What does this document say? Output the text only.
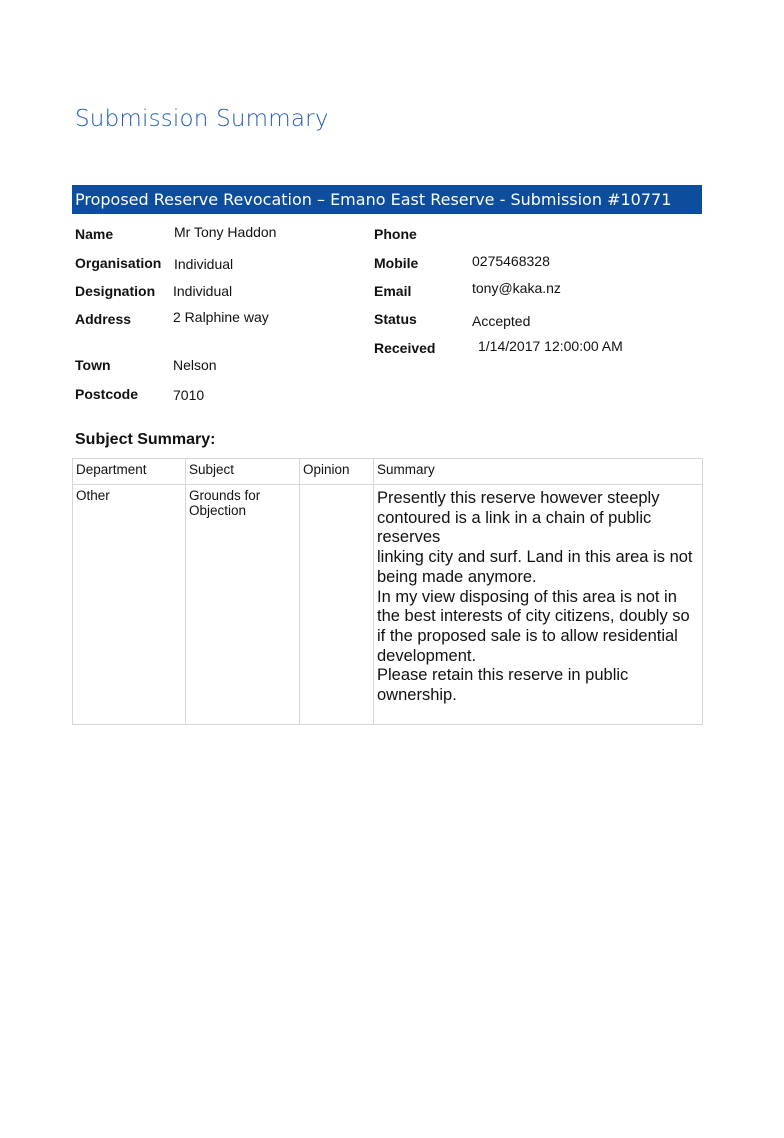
Submission Summary
Proposed Reserve Revocation – Emano East Reserve - Submission #10771
Name	Mr Tony Haddon
Organisation Individual
Designation Individual
Address	2 Ralphine way
Town	Nelson
Postcode 7010
Phone
Mobile	0275468328
Email	tony@kaka.nz
Status	Accepted
Received	1/14/2017 12:00:00 AM
Subject Summary:
Department	Subject	Opinion	Summary
Other	Grounds for Objection		Presently this reserve however steeply contoured is a link in a chain of public reserves
linking city and surf. Land in this area is not being made anymore.
In my view disposing of this area is not in the best interests of city citizens, doubly so if the proposed sale is to allow residential development.
Please retain this reserve in public ownership.
